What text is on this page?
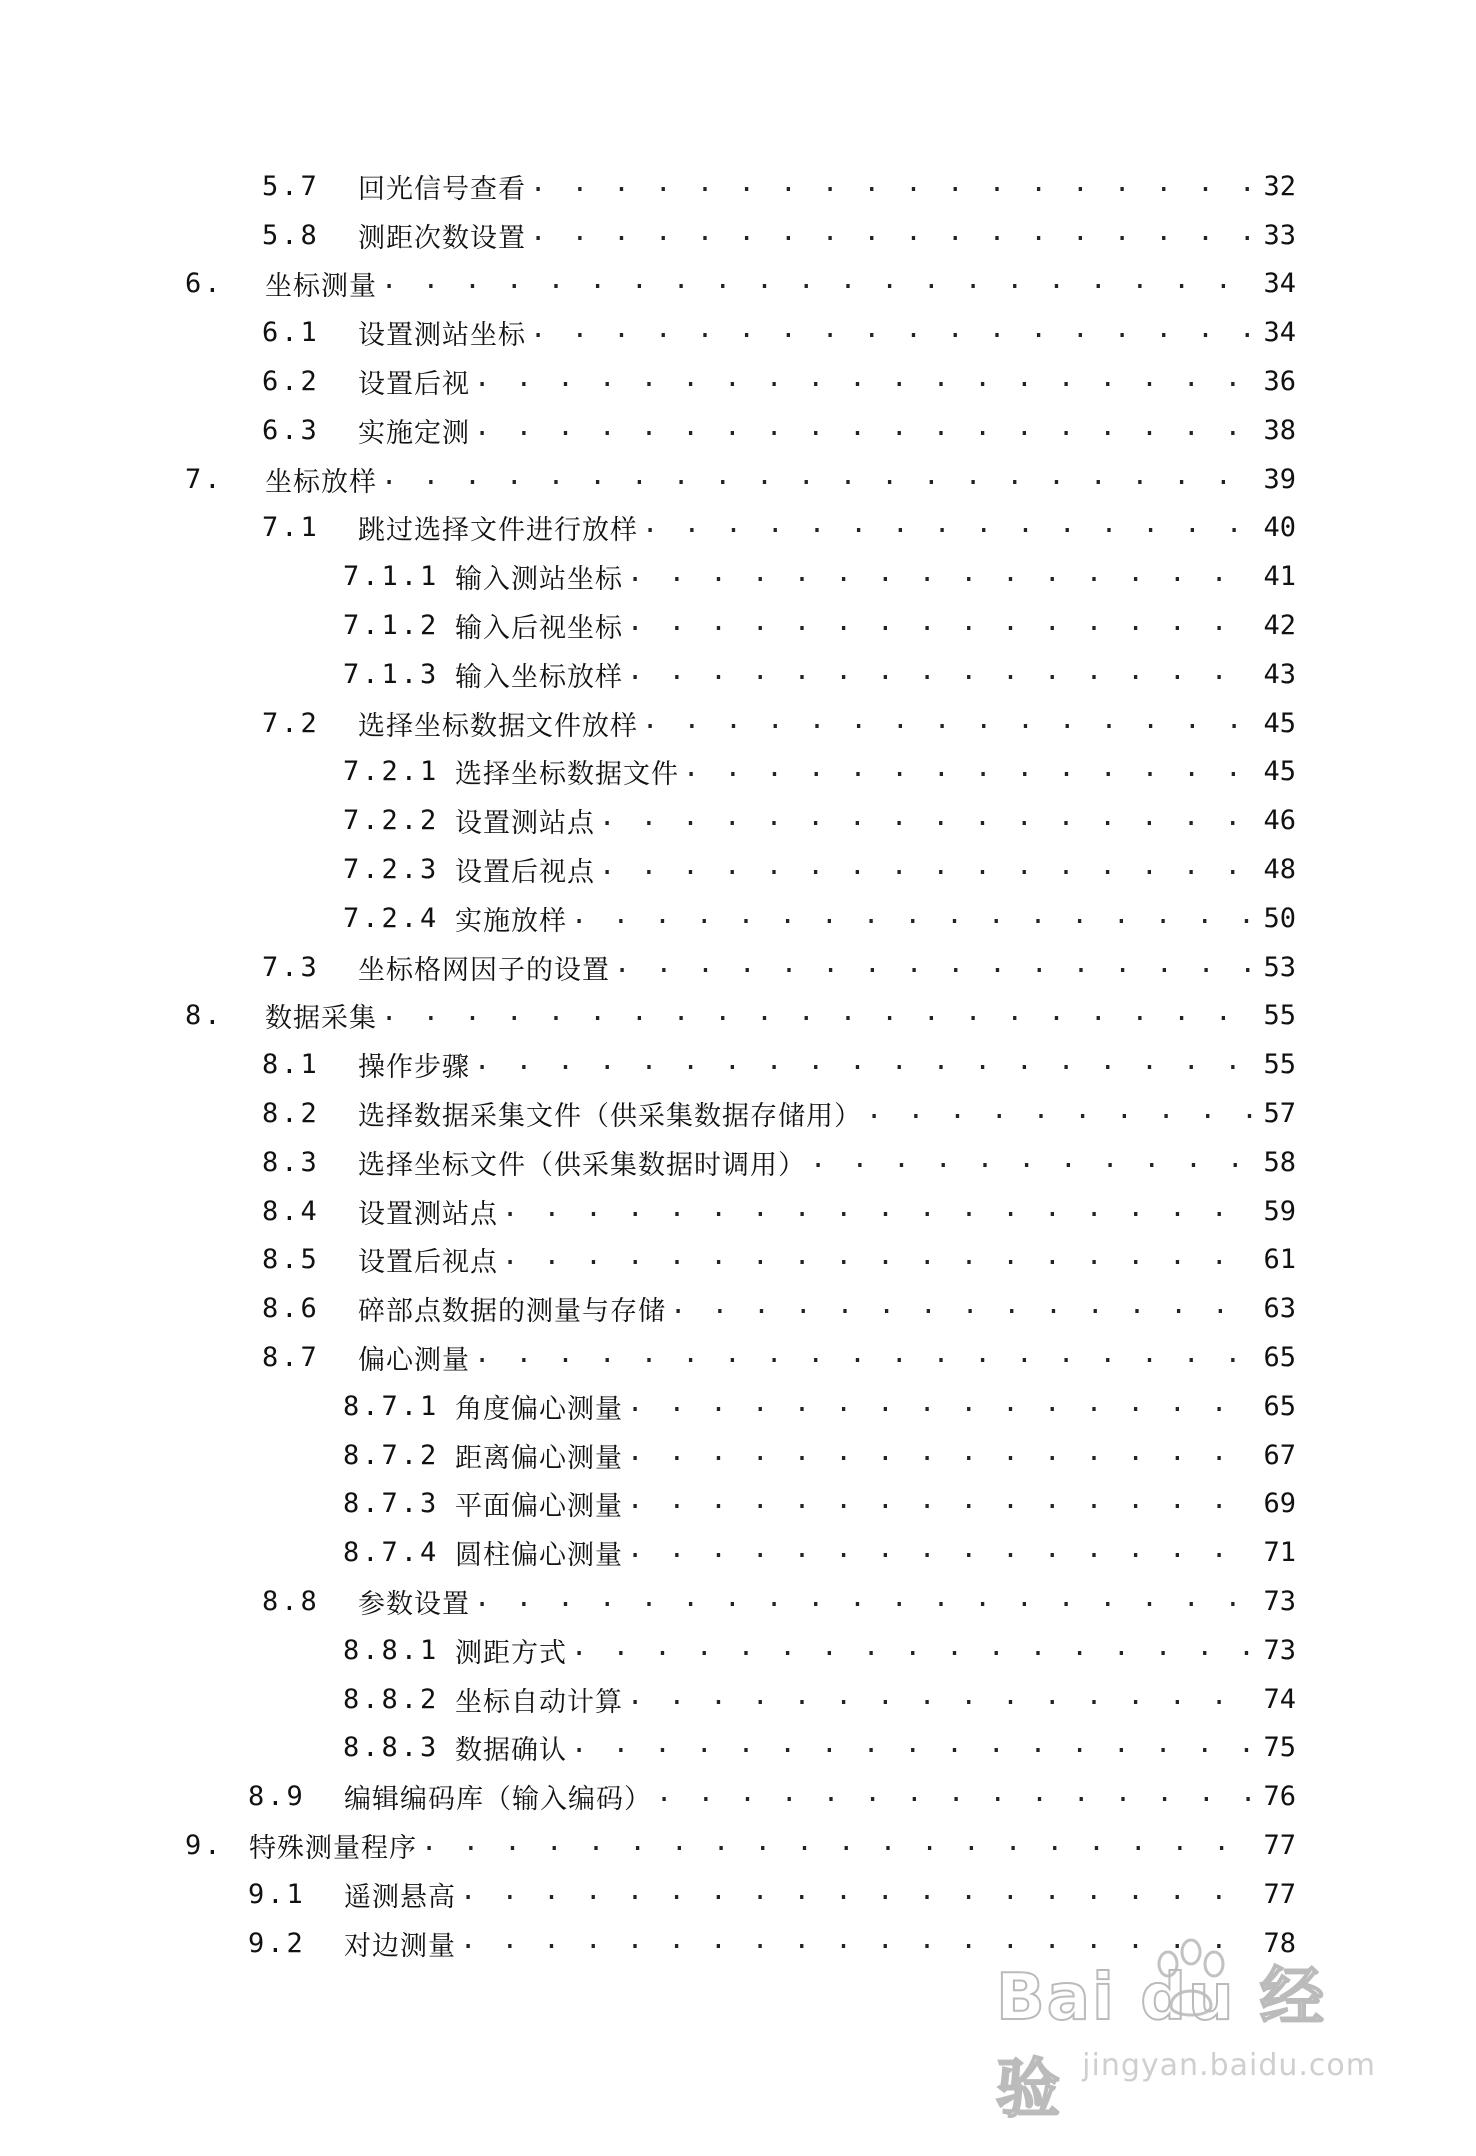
5.7	回光信号查看 . . .	32
5.8	测距次数设置 . . .	33
6.	坐标测量 . . .	34
6.1	设置测站坐标 . . .	34
6.2	设置后视 . . .	36
6.3	实施定测 . . .	38
7.	坐标放样 . . .	39
7.1	跳过选择文件进行放样 . . .	40
7.1.1 输入测站坐标 . . .	41
7.1.2 输入后视坐标 . . .	42
7.1.3 输入坐标放样 . . .	43
7.2	选择坐标数据文件放样 . . .	45
7.2.1 选择坐标数据文件 . . .	45
7.2.2 设置测站点 . . .	46
7.2.3 设置后视点 . . .	48
7.2.4 实施放样 . . .	50
7.3	坐标格网因子的设置 . . .	53
8.	数据采集 . . .	55
8.1	操作步骤 . . .	55
8.2	选择数据采集文件（供采集数据存储用） . . .	57
8.3	选择坐标文件（供采集数据时调用） . . .	58
8.4	设置测站点 . . .	59
8.5	设置后视点 . . .	61
8.6	碎部点数据的测量与存储 . . .	63
8.7	偏心测量 . . .	65
8.7.1 角度偏心测量 . . .	65
8.7.2 距离偏心测量 . . .	67
8.7.3 平面偏心测量 . . .	69
8.7.4 圆柱偏心测量 . . .	71
8.8	参数设置 . . .	73
8.8.1 测距方式 . . .	73
8.8.2 坐标自动计算 . . .	74
8.8.3 数据确认 . . .	75
8.9	编辑编码库（输入编码） . . .	76
9. 特殊测量程序 . . .	77
9.1	遥测悬高 . . .	77
9.2	对边测量 . . .	78
Bai du 经验 jingyan.baidu.com
